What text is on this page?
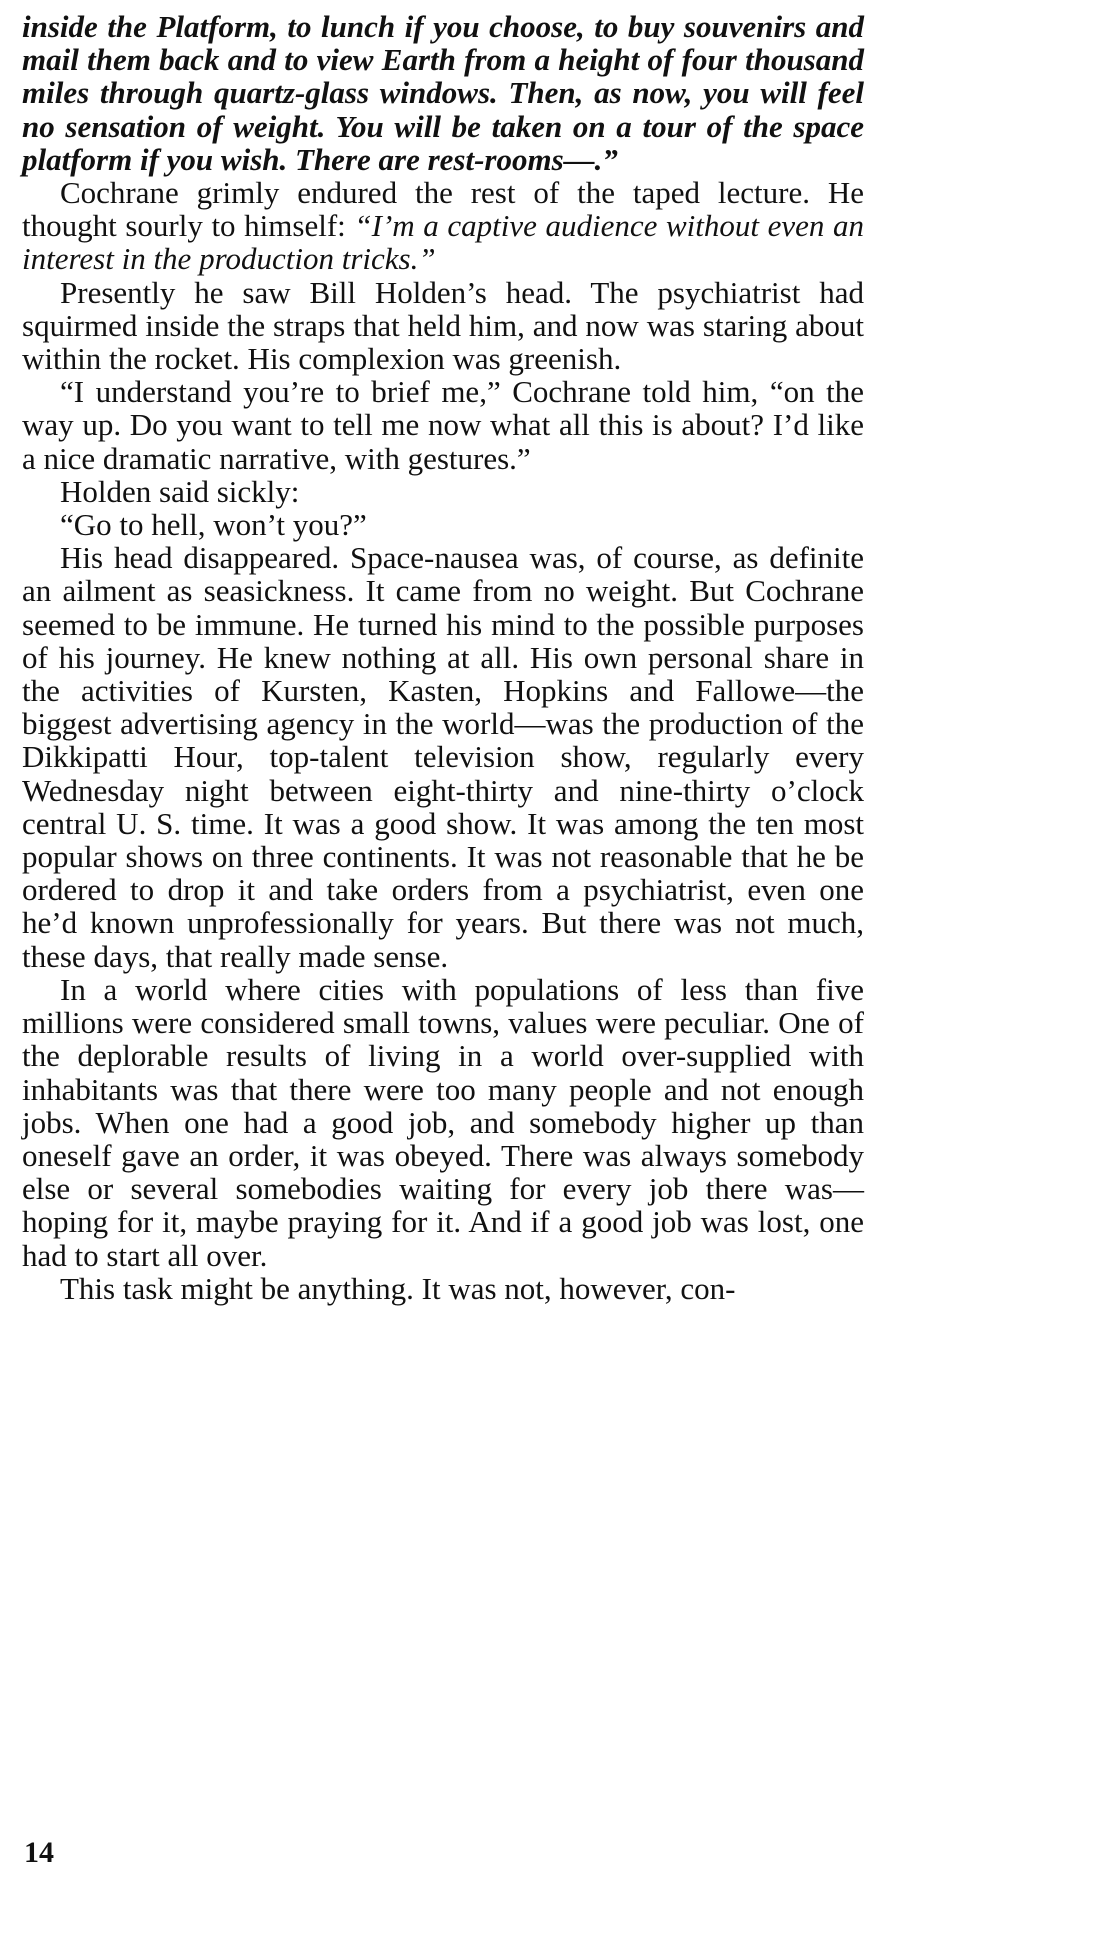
inside the Platform, to lunch if you choose, to buy souvenirs and mail them back and to view Earth from a height of four thousand miles through quartz-glass windows. Then, as now, you will feel no sensation of weight. You will be taken on a tour of the space platform if you wish. There are rest-rooms—.”

Cochrane grimly endured the rest of the taped lecture. He thought sourly to himself: “I’m a captive audience without even an interest in the production tricks.”

Presently he saw Bill Holden’s head. The psychiatrist had squirmed inside the straps that held him, and now was staring about within the rocket. His complexion was greenish.

“I understand you’re to brief me,” Cochrane told him, “on the way up. Do you want to tell me now what all this is about? I’d like a nice dramatic narrative, with gestures.”

Holden said sickly:

“Go to hell, won’t you?”

His head disappeared. Space-nausea was, of course, as definite an ailment as seasickness. It came from no weight. But Cochrane seemed to be immune. He turned his mind to the possible purposes of his journey. He knew nothing at all. His own personal share in the activities of Kursten, Kasten, Hopkins and Fallowe—the biggest advertising agency in the world—was the production of the Dikkipatti Hour, top-talent television show, regularly every Wednesday night between eight-thirty and nine-thirty o’clock central U. S. time. It was a good show. It was among the ten most popular shows on three continents. It was not reasonable that he be ordered to drop it and take orders from a psychiatrist, even one he’d known unprofessionally for years. But there was not much, these days, that really made sense.

In a world where cities with populations of less than five millions were considered small towns, values were peculiar. One of the deplorable results of living in a world over-supplied with inhabitants was that there were too many people and not enough jobs. When one had a good job, and somebody higher up than oneself gave an order, it was obeyed. There was always somebody else or several somebodies waiting for every job there was—hoping for it, maybe praying for it. And if a good job was lost, one had to start all over.

This task might be anything. It was not, however, con-

14
